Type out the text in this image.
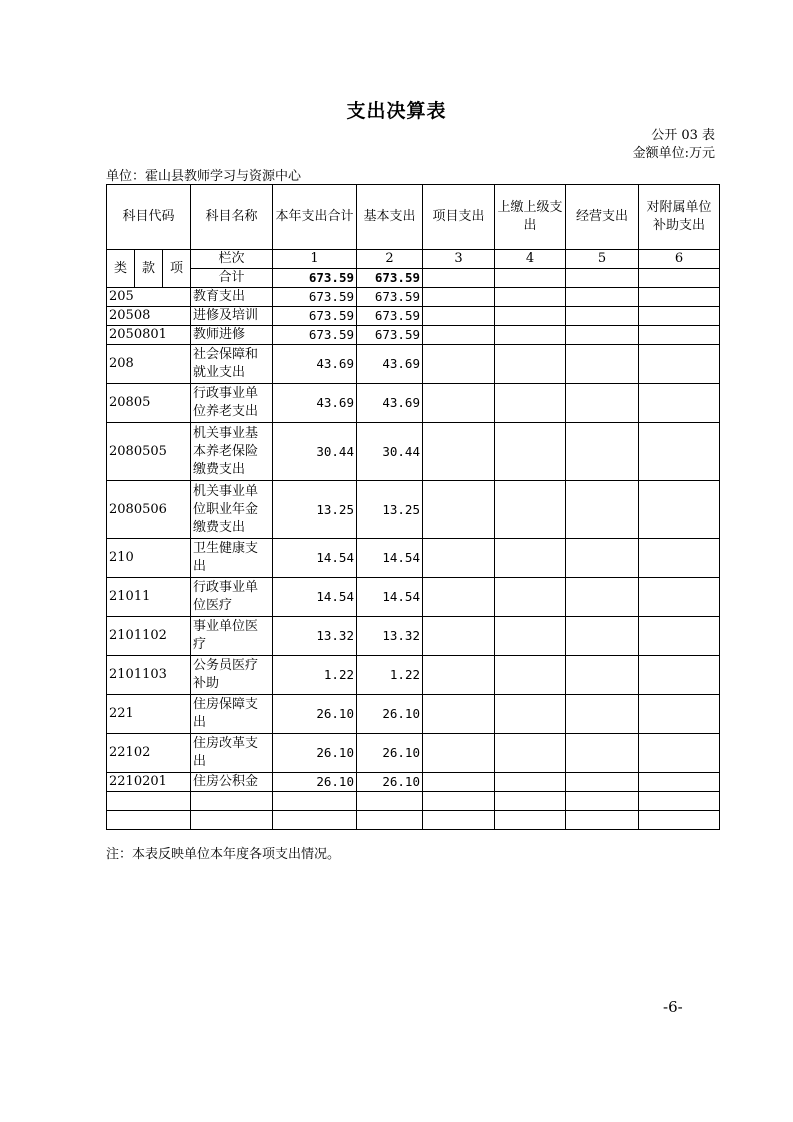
支出决算表
公开 03 表
金额单位:万元
单位：霍山县教师学习与资源中心
科目代码			科目名称	本年支出合计	基本支出	项目支出	上缴上级支出	经营支出	对附属单位补助支出
类	款	项	栏次	1	2	3	4	5	6
			合计	673.59	673.59				
205			教育支出	673.59	673.59				
20508			进修及培训	673.59	673.59				
2050801			教师进修	673.59	673.59				
208			社会保障和就业支出	43.69	43.69				
20805			行政事业单位养老支出	43.69	43.69				
2080505			机关事业基本养老保险缴费支出	30.44	30.44				
2080506			机关事业单位职业年金缴费支出	13.25	13.25				
210			卫生健康支出	14.54	14.54				
21011			行政事业单位医疗	14.54	14.54				
2101102			事业单位医疗	13.32	13.32				
2101103			公务员医疗补助	1.22	1.22				
221			住房保障支出	26.10	26.10				
22102			住房改革支出	26.10	26.10				
2210201			住房公积金	26.10	26.10				

注：本表反映单位本年度各项支出情况。
-6-
